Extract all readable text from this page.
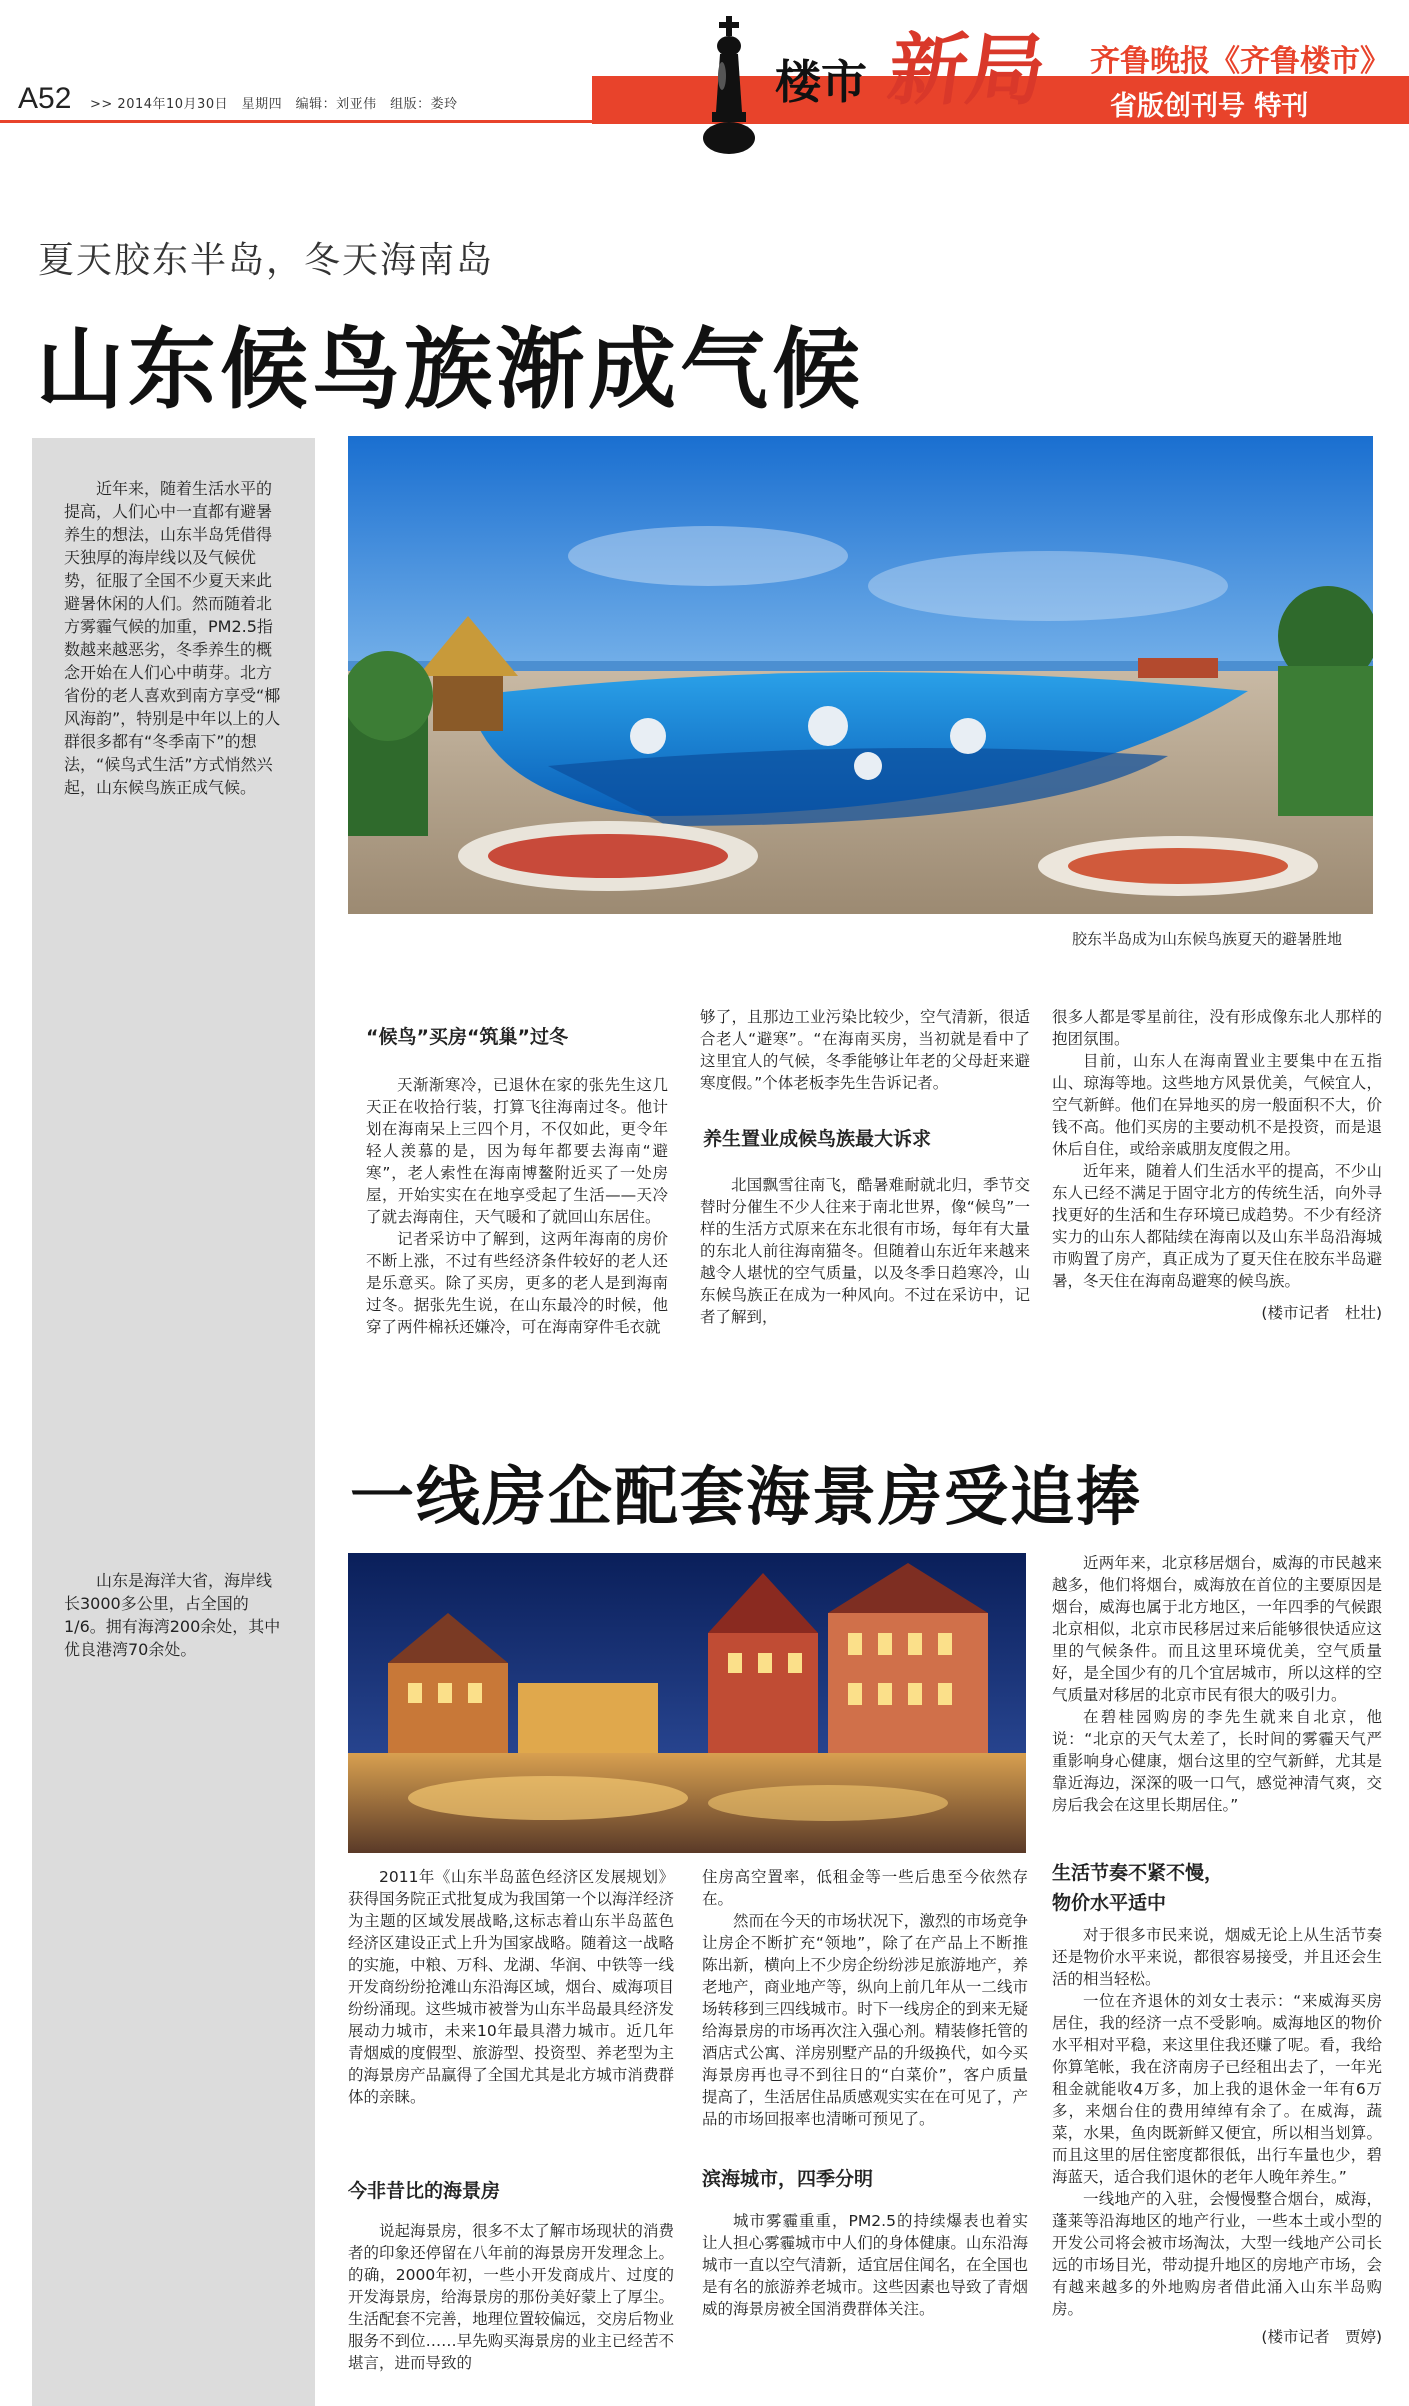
A52 >> 2014年10月30日　星期四　编辑：刘亚伟　组版：娄玲	楼市 新局 齐鲁晚报《齐鲁楼市》
省版创刊号 特刊
夏天胶东半岛，冬天海南岛
山东候鸟族渐成气候

近年来，随着生活水平的提高，人们心中一直都有避暑养生的想法，山东半岛凭借得天独厚的海岸线以及气候优势，征服了全国不少夏天来此避暑休闲的人们。然而随着北方雾霾气候的加重，PM2.5指数越来越恶劣，冬季养生的概念开始在人们心中萌芽。北方省份的老人喜欢到南方享受“椰风海韵”，特别是中年以上的人群很多都有“冬季南下”的想法，“候鸟式生活”方式悄然兴起，山东候鸟族正成气候。

胶东半岛成为山东候鸟族夏天的避暑胜地
“候鸟”买房“筑巢”过冬

天渐渐寒冷，已退休在家的张先生这几天正在收拾行装，打算飞往海南过冬。他计划在海南呆上三四个月，不仅如此，更令年轻人羡慕的是，因为每年都要去海南“避寒”，老人索性在海南博鳌附近买了一处房屋，开始实实在在地享受起了生活——天冷了就去海南住，天气暖和了就回山东居住。

记者采访中了解到，这两年海南的房价不断上涨，不过有些经济条件较好的老人还是乐意买。除了买房，更多的老人是到海南过冬。据张先生说，在山东最冷的时候，他穿了两件棉袄还嫌冷，可在海南穿件毛衣就

够了，且那边工业污染比较少，空气清新，很适合老人“避寒”。“在海南买房，当初就是看中了这里宜人的气候，冬季能够让年老的父母赶来避寒度假。”个体老板李先生告诉记者。

养生置业成候鸟族最大诉求

北国飘雪往南飞，酷暑难耐就北归，季节交替时分催生不少人往来于南北世界，像“候鸟”一样的生活方式原来在东北很有市场，每年有大量的东北人前往海南猫冬。但随着山东近年来越来越令人堪忧的空气质量，以及冬季日趋寒冷，山东候鸟族正在成为一种风向。不过在采访中，记者了解到，

很多人都是零星前往，没有形成像东北人那样的抱团氛围。

目前，山东人在海南置业主要集中在五指山、琼海等地。这些地方风景优美，气候宜人，空气新鲜。他们在异地买的房一般面积不大，价钱不高。他们买房的主要动机不是投资，而是退休后自住，或给亲戚朋友度假之用。

近年来，随着人们生活水平的提高，不少山东人已经不满足于固守北方的传统生活，向外寻找更好的生活和生存环境已成趋势。不少有经济实力的山东人都陆续在海南以及山东半岛沿海城市购置了房产，真正成为了夏天住在胶东半岛避暑，冬天住在海南岛避寒的候鸟族。

(楼市记者　杜壮)

一线房企配套海景房受追捧

山东是海洋大省，海岸线长3000多公里，占全国的1/6。拥有海湾200余处，其中优良港湾70余处。

2011年《山东半岛蓝色经济区发展规划》获得国务院正式批复成为我国第一个以海洋经济为主题的区域发展战略,这标志着山东半岛蓝色经济区建设正式上升为国家战略。随着这一战略的实施，中粮、万科、龙湖、华润、中铁等一线开发商纷纷抢滩山东沿海区域，烟台、威海项目纷纷涌现。这些城市被誉为山东半岛最具经济发展动力城市，未来10年最具潜力城市。近几年青烟威的度假型、旅游型、投资型、养老型为主的海景房产品赢得了全国尤其是北方城市消费群体的亲睐。

今非昔比的海景房

说起海景房，很多不太了解市场现状的消费者的印象还停留在八年前的海景房开发理念上。的确，2000年初，一些小开发商成片、过度的开发海景房，给海景房的那份美好蒙上了厚尘。生活配套不完善，地理位置较偏远，交房后物业服务不到位……早先购买海景房的业主已经苦不堪言，进而导致的

住房高空置率，低租金等一些后患至今依然存在。

然而在今天的市场状况下，激烈的市场竞争让房企不断扩充“领地”，除了在产品上不断推陈出新，横向上不少房企纷纷涉足旅游地产，养老地产，商业地产等，纵向上前几年从一二线市场转移到三四线城市。时下一线房企的到来无疑给海景房的市场再次注入强心剂。精装修托管的酒店式公寓、洋房别墅产品的升级换代，如今买海景房再也寻不到往日的“白菜价”，客户质量提高了，生活居住品质感观实实在在可见了，产品的市场回报率也清晰可预见了。

滨海城市，四季分明

城市雾霾重重，PM2.5的持续爆表也着实让人担心雾霾城市中人们的身体健康。山东沿海城市一直以空气清新，适宜居住闻名，在全国也是有名的旅游养老城市。这些因素也导致了青烟威的海景房被全国消费群体关注。

近两年来，北京移居烟台，威海的市民越来越多，他们将烟台，威海放在首位的主要原因是烟台，威海也属于北方地区，一年四季的气候跟北京相似，北京市民移居过来后能够很快适应这里的气候条件。而且这里环境优美，空气质量好，是全国少有的几个宜居城市，所以这样的空气质量对移居的北京市民有很大的吸引力。

在碧桂园购房的李先生就来自北京，他说：“北京的天气太差了，长时间的雾霾天气严重影响身心健康，烟台这里的空气新鲜，尤其是靠近海边，深深的吸一口气，感觉神清气爽，交房后我会在这里长期居住。”

生活节奏不紧不慢，
物价水平适中

对于很多市民来说，烟威无论上从生活节奏还是物价水平来说，都很容易接受，并且还会生活的相当轻松。

一位在齐退休的刘女士表示：“来威海买房居住，我的经济一点不受影响。威海地区的物价水平相对平稳，来这里住我还赚了呢。看，我给你算笔帐，我在济南房子已经租出去了，一年光租金就能收4万多，加上我的退休金一年有6万多，来烟台住的费用绰绰有余了。在威海，蔬菜，水果，鱼肉既新鲜又便宜，所以相当划算。而且这里的居住密度都很低，出行车量也少，碧海蓝天，适合我们退休的老年人晚年养生。”

一线地产的入驻，会慢慢整合烟台，威海，蓬莱等沿海地区的地产行业，一些本土或小型的开发公司将会被市场淘汰，大型一线地产公司长远的市场目光，带动提升地区的房地产市场，会有越来越多的外地购房者借此涌入山东半岛购房。

(楼市记者　贾婷)
